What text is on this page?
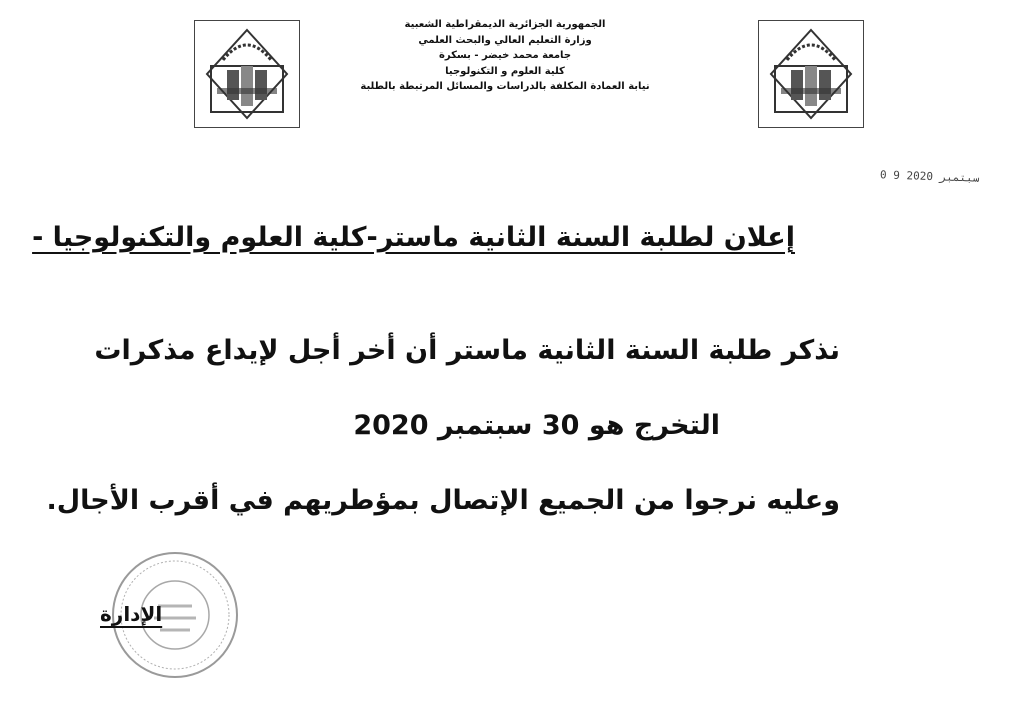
الجمهورية الجزائرية الديمقراطية الشعبية
وزارة التعليم العالي والبحث العلمي
جامعة محمد خيضر - بسكرة
كلية العلوم و التكنولوجيا
نيابة العمادة المكلفة بالدراسات والمسائل المرتبطة بالطلبة
0 9 سبتمبر 2020
إعلان لطلبة السنة الثانية ماستر-كلية العلوم والتكنولوجيا -
نذكر طلبة السنة الثانية ماستر أن أخر أجل لإيداع مذكرات
التخرج هو 30 سبتمبر 2020
وعليه نرجوا من الجميع الإتصال بمؤطريهم في أقرب الأجال.
الإدارة
